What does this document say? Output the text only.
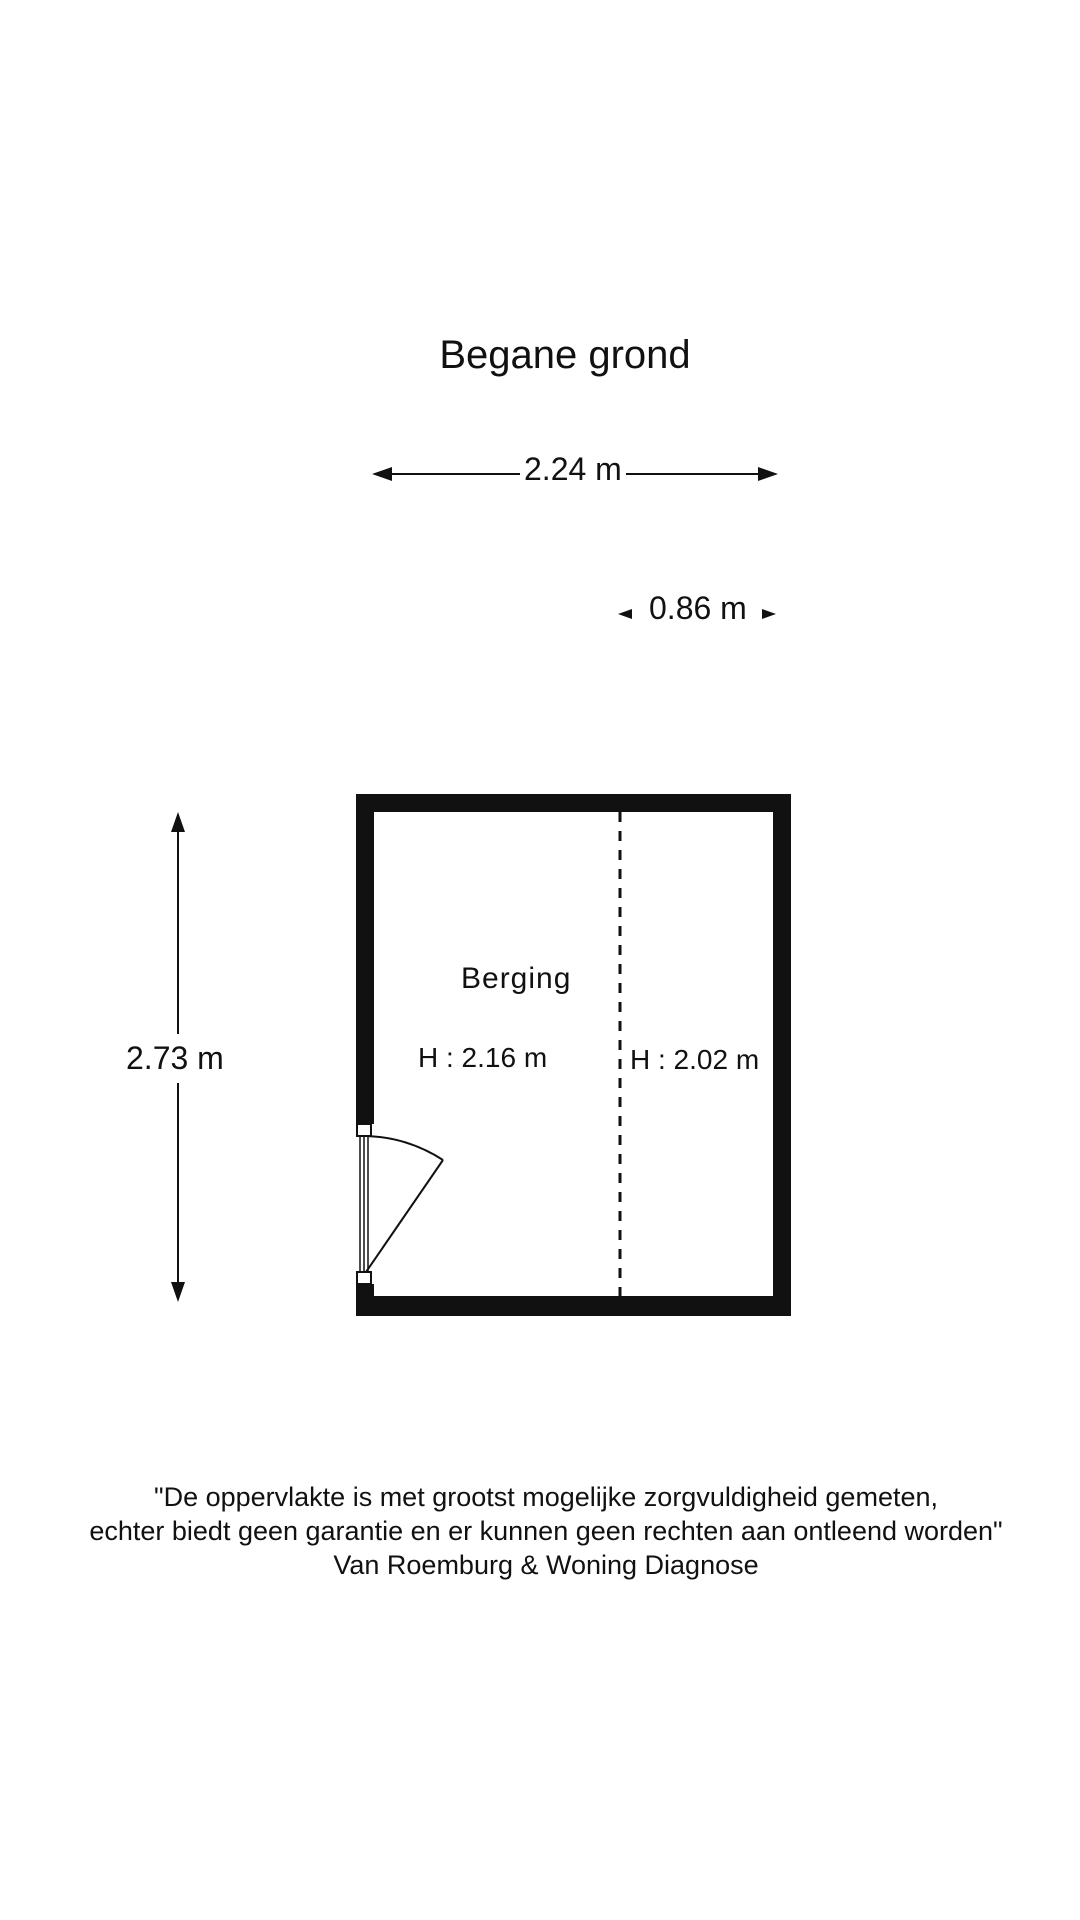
Begane grond
2.24 m
0.86 m
2.73 m
Berging
H : 2.16 m	H : 2.02 m
"De oppervlakte is met grootst mogelijke zorgvuldigheid gemeten,
echter biedt geen garantie en er kunnen geen rechten aan ontleend worden"
Van Roemburg & Woning Diagnose
